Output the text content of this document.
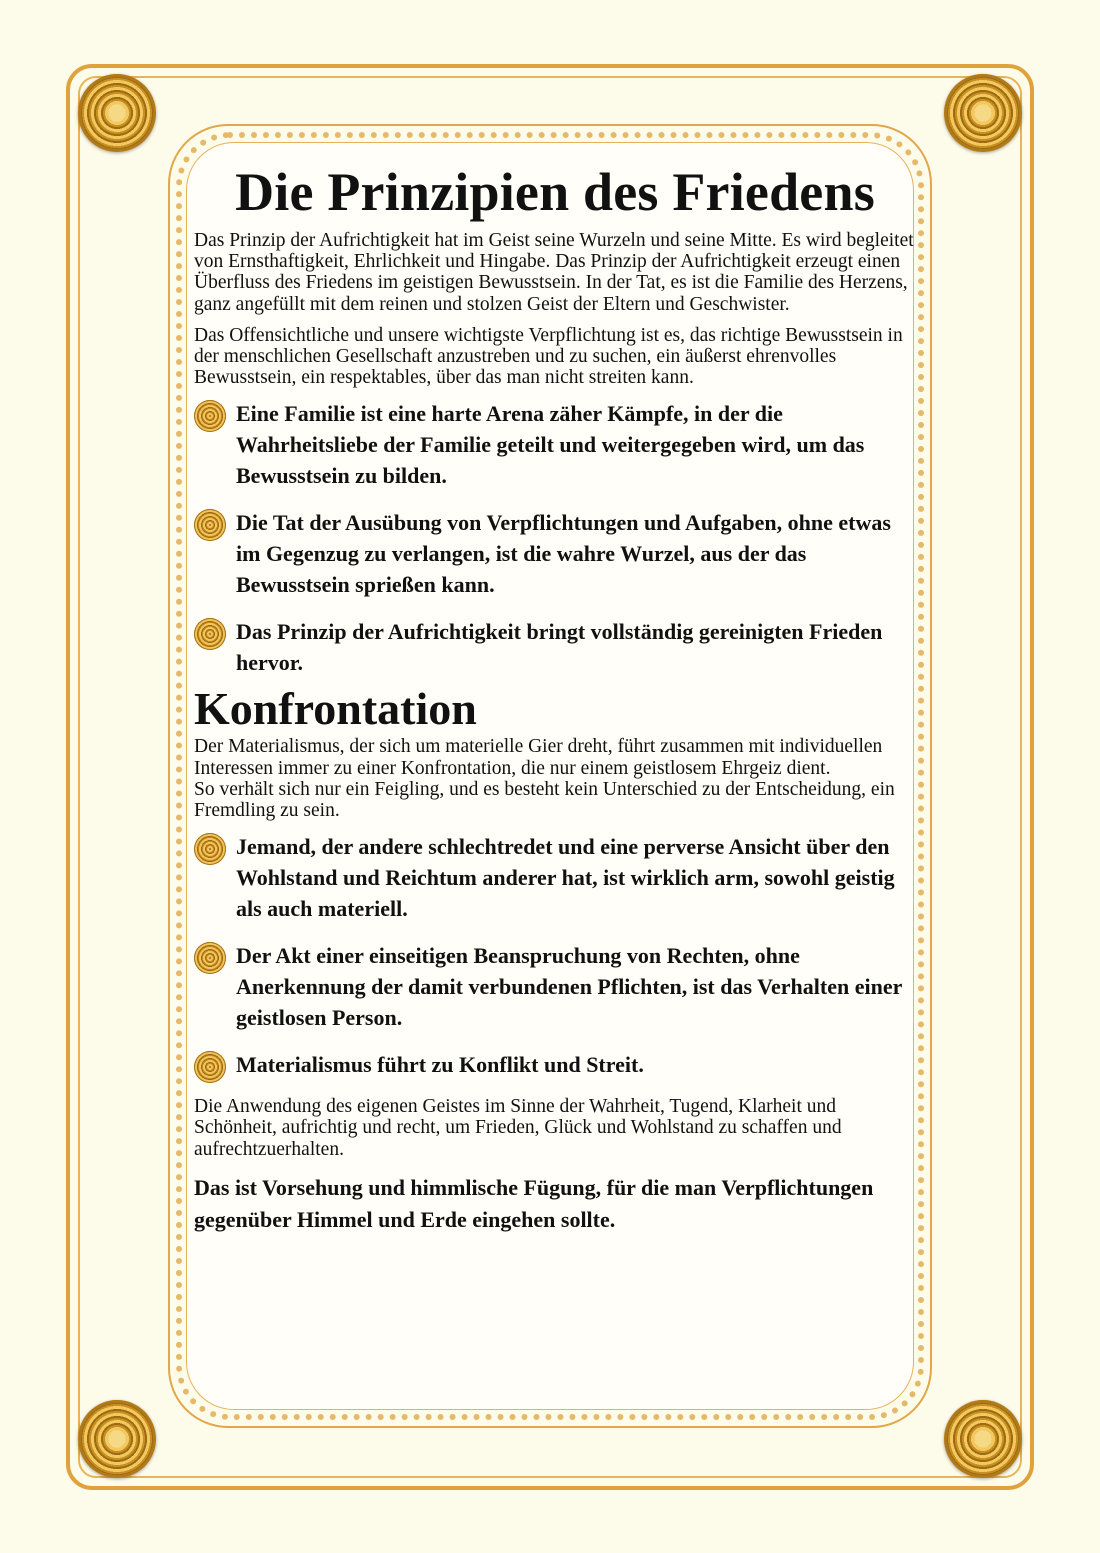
Die Prinzipien des Friedens

Das Prinzip der Aufrichtigkeit hat im Geist seine Wurzeln und seine Mitte. Es wird begleitet von Ernsthaftigkeit, Ehrlichkeit und Hingabe. Das Prinzip der Aufrichtigkeit erzeugt einen Überfluss des Friedens im geistigen Bewusstsein. In der Tat, es ist die Familie des Herzens, ganz angefüllt mit dem reinen und stolzen Geist der Eltern und Geschwister.

Das Offensichtliche und unsere wichtigste Verpflichtung ist es, das richtige Bewusstsein in der menschlichen Gesellschaft anzustreben und zu suchen, ein äußerst ehrenvolles Bewusstsein, ein respektables, über das man nicht streiten kann.

Eine Familie ist eine harte Arena zäher Kämpfe, in der die Wahrheitsliebe der Familie geteilt und weitergegeben wird, um das Bewusstsein zu bilden.
Die Tat der Ausübung von Verpflichtungen und Aufgaben, ohne etwas im Gegenzug zu verlangen, ist die wahre Wurzel, aus der das Bewusstsein sprießen kann.
Das Prinzip der Aufrichtigkeit bringt vollständig gereinigten Frieden hervor.
Konfrontation

Der Materialismus, der sich um materielle Gier dreht, führt zusammen mit individuellen Interessen immer zu einer Konfrontation, die nur einem geistlosem Ehrgeiz dient.

So verhält sich nur ein Feigling, und es besteht kein Unterschied zu der Entscheidung, ein Fremdling zu sein.

Jemand, der andere schlechtredet und eine perverse Ansicht über den Wohlstand und Reichtum anderer hat, ist wirklich arm, sowohl geistig als auch materiell.
Der Akt einer einseitigen Beanspruchung von Rechten, ohne Anerkennung der damit verbundenen Pflichten, ist das Verhalten einer geistlosen Person.
Materialismus führt zu Konflikt und Streit.

Die Anwendung des eigenen Geistes im Sinne der Wahrheit, Tugend, Klarheit und Schönheit, aufrichtig und recht, um Frieden, Glück und Wohlstand zu schaffen und aufrechtzuerhalten.

Das ist Vorsehung und himmlische Fügung, für die man Verpflichtungen gegenüber Himmel und Erde eingehen sollte.
